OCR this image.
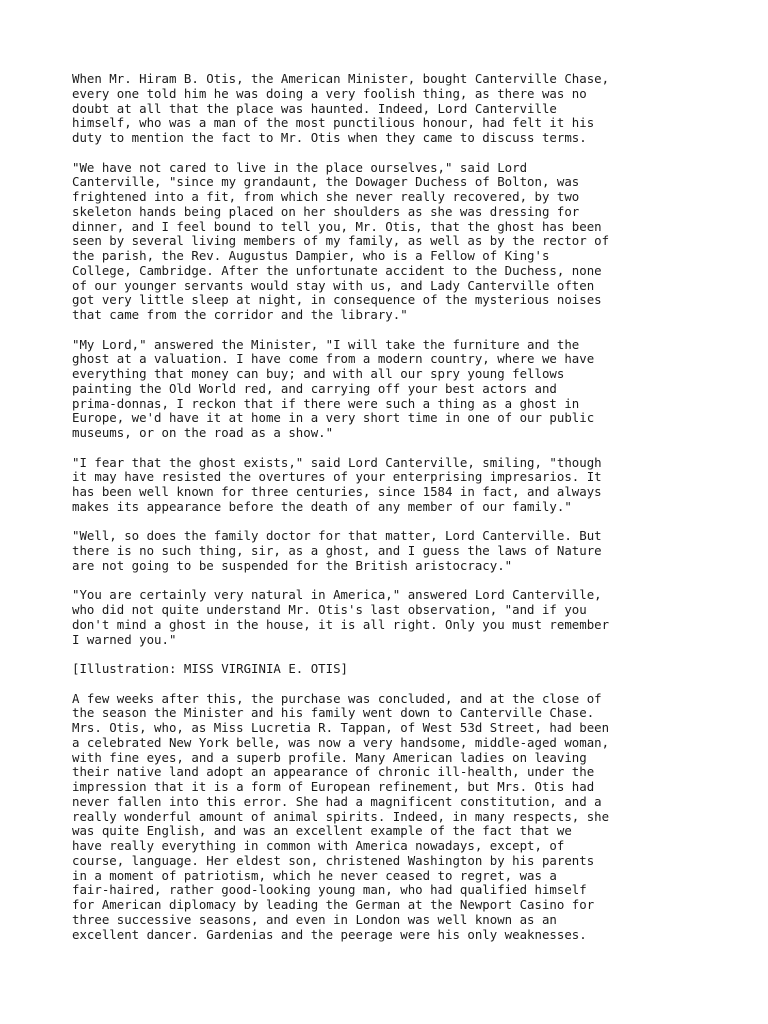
When Mr. Hiram B. Otis, the American Minister, bought Canterville Chase,
every one told him he was doing a very foolish thing, as there was no
doubt at all that the place was haunted. Indeed, Lord Canterville
himself, who was a man of the most punctilious honour, had felt it his
duty to mention the fact to Mr. Otis when they came to discuss terms.

"We have not cared to live in the place ourselves," said Lord
Canterville, "since my grandaunt, the Dowager Duchess of Bolton, was
frightened into a fit, from which she never really recovered, by two
skeleton hands being placed on her shoulders as she was dressing for
dinner, and I feel bound to tell you, Mr. Otis, that the ghost has been
seen by several living members of my family, as well as by the rector of
the parish, the Rev. Augustus Dampier, who is a Fellow of King's
College, Cambridge. After the unfortunate accident to the Duchess, none
of our younger servants would stay with us, and Lady Canterville often
got very little sleep at night, in consequence of the mysterious noises
that came from the corridor and the library."

"My Lord," answered the Minister, "I will take the furniture and the
ghost at a valuation. I have come from a modern country, where we have
everything that money can buy; and with all our spry young fellows
painting the Old World red, and carrying off your best actors and
prima-donnas, I reckon that if there were such a thing as a ghost in
Europe, we'd have it at home in a very short time in one of our public
museums, or on the road as a show."

"I fear that the ghost exists," said Lord Canterville, smiling, "though
it may have resisted the overtures of your enterprising impresarios. It
has been well known for three centuries, since 1584 in fact, and always
makes its appearance before the death of any member of our family."

"Well, so does the family doctor for that matter, Lord Canterville. But
there is no such thing, sir, as a ghost, and I guess the laws of Nature
are not going to be suspended for the British aristocracy."

"You are certainly very natural in America," answered Lord Canterville,
who did not quite understand Mr. Otis's last observation, "and if you
don't mind a ghost in the house, it is all right. Only you must remember
I warned you."

[Illustration: MISS VIRGINIA E. OTIS]

A few weeks after this, the purchase was concluded, and at the close of
the season the Minister and his family went down to Canterville Chase.
Mrs. Otis, who, as Miss Lucretia R. Tappan, of West 53d Street, had been
a celebrated New York belle, was now a very handsome, middle-aged woman,
with fine eyes, and a superb profile. Many American ladies on leaving
their native land adopt an appearance of chronic ill-health, under the
impression that it is a form of European refinement, but Mrs. Otis had
never fallen into this error. She had a magnificent constitution, and a
really wonderful amount of animal spirits. Indeed, in many respects, she
was quite English, and was an excellent example of the fact that we
have really everything in common with America nowadays, except, of
course, language. Her eldest son, christened Washington by his parents
in a moment of patriotism, which he never ceased to regret, was a
fair-haired, rather good-looking young man, who had qualified himself
for American diplomacy by leading the German at the Newport Casino for
three successive seasons, and even in London was well known as an
excellent dancer. Gardenias and the peerage were his only weaknesses.
